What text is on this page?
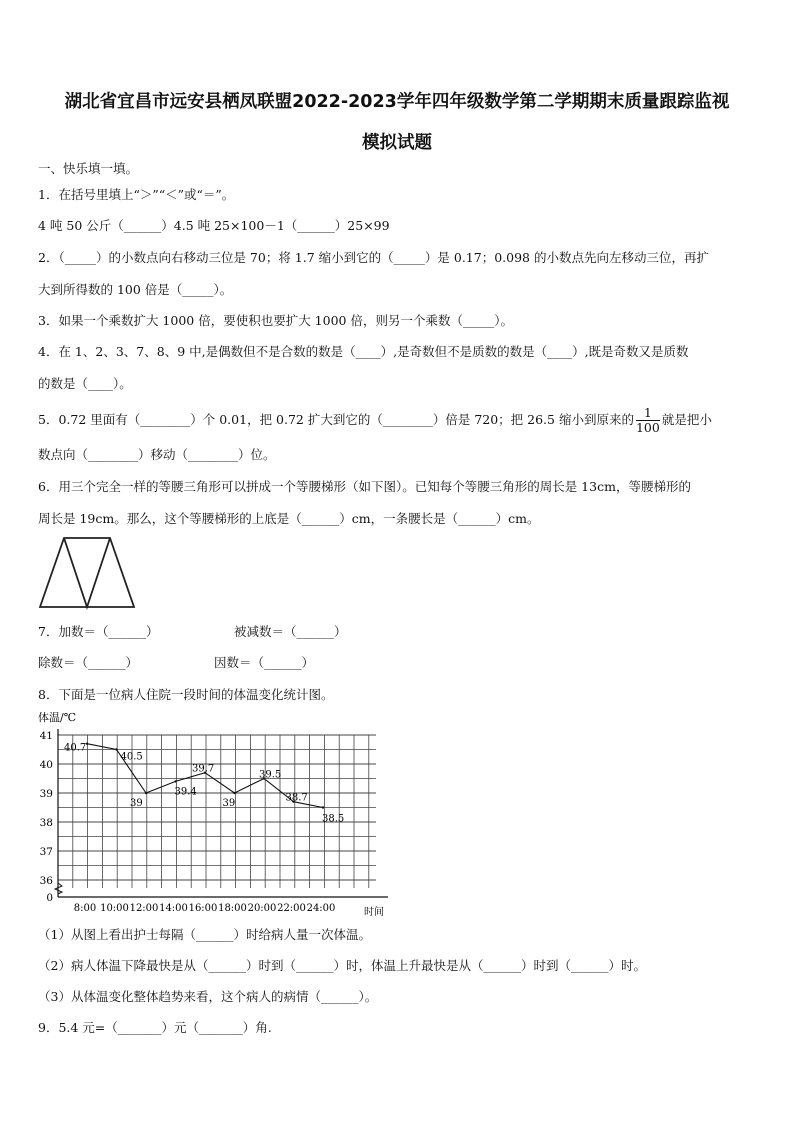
湖北省宜昌市远安县栖凤联盟2022-2023学年四年级数学第二学期期末质量跟踪监视
模拟试题
一、快乐填一填。
1．在括号里填上“＞”“＜”或“＝”。
4 吨 50 公斤（______）4.5 吨 25×100－1（______）25×99
2．（_____）的小数点向右移动三位是 70；将 1.7 缩小到它的（_____）是 0.17；0.098 的小数点先向左移动三位，再扩
大到所得数的 100 倍是（_____）。
3．如果一个乘数扩大 1000 倍，要使积也要扩大 1000 倍，则另一个乘数（_____）。
4．在 1、2、3、7、8、9 中,是偶数但不是合数的数是（____）,是奇数但不是质数的数是（____）,既是奇数又是质数
的数是（____）。
5．0.72 里面有（________）个 0.01，把 0.72 扩大到它的（________）倍是 720；把 26.5 缩小到原来的 $\frac{1}{100}$ 就是把小
数点向（________）移动（________）位。
6．用三个完全一样的等腰三角形可以拼成一个等腰梯形（如下图）。已知每个等腰三角形的周长是 13cm，等腰梯形的
周长是 19cm。那么，这个等腰梯形的上底是（______）cm，一条腰长是（______）cm。
7．加数＝（______）	被减数＝（______）
除数＝（______）	因数＝（______）
8．下面是一位病人住院一段时间的体温变化统计图。
0
36
37
38
39
40
41
8:00 10:00 12:00 14:00 16:00 18:00 20:00 22:00 24:00
40.7
40.5
39
39.4
39.7
39
39.5
38.7
38.5
体温/℃
时间
（1）从图上看出护士每隔（______）时给病人量一次体温。
（2）病人体温下降最快是从（______）时到（______）时，体温上升最快是从（______）时到（______）时。
（3）从体温变化整体趋势来看，这个病人的病情（______）。
9．5.4 元=（_______）元（_______）角.
